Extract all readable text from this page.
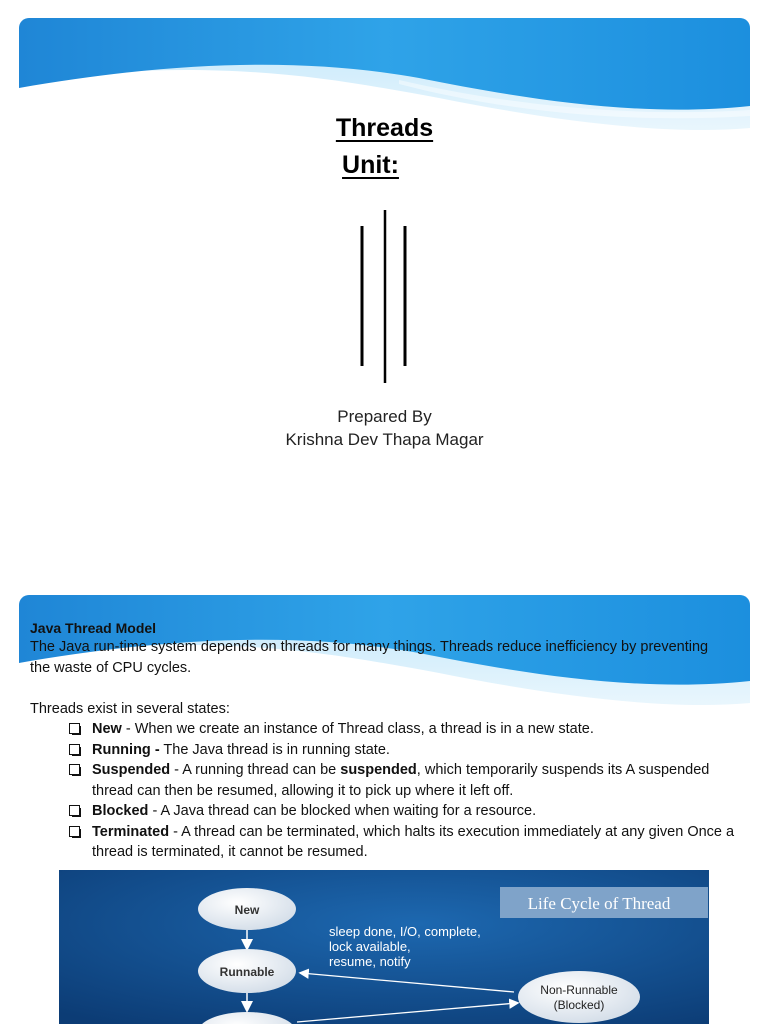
Threads
Unit:
Prepared By
Krishna Dev Thapa Magar
Java Thread Model
The Java run-time system depends on threads for many things. Threads reduce inefficiency by preventing the waste of CPU cycles.
Threads exist in several states:
New - When we create an instance of Thread class, a thread is in a new state.
Running - The Java thread is in running state.
Suspended - A running thread can be suspended, which temporarily suspends its A suspended thread can then be resumed, allowing it to pick up where it left off.
Blocked - A Java thread can be blocked when waiting for a resource.
Terminated - A thread can be terminated, which halts its execution immediately at any given Once a thread is terminated, it cannot be resumed.
Life Cycle of Thread
New
Runnable
sleep done, I/O, complete,
lock available,
resume, notify
Non-Runnable
(Blocked)
